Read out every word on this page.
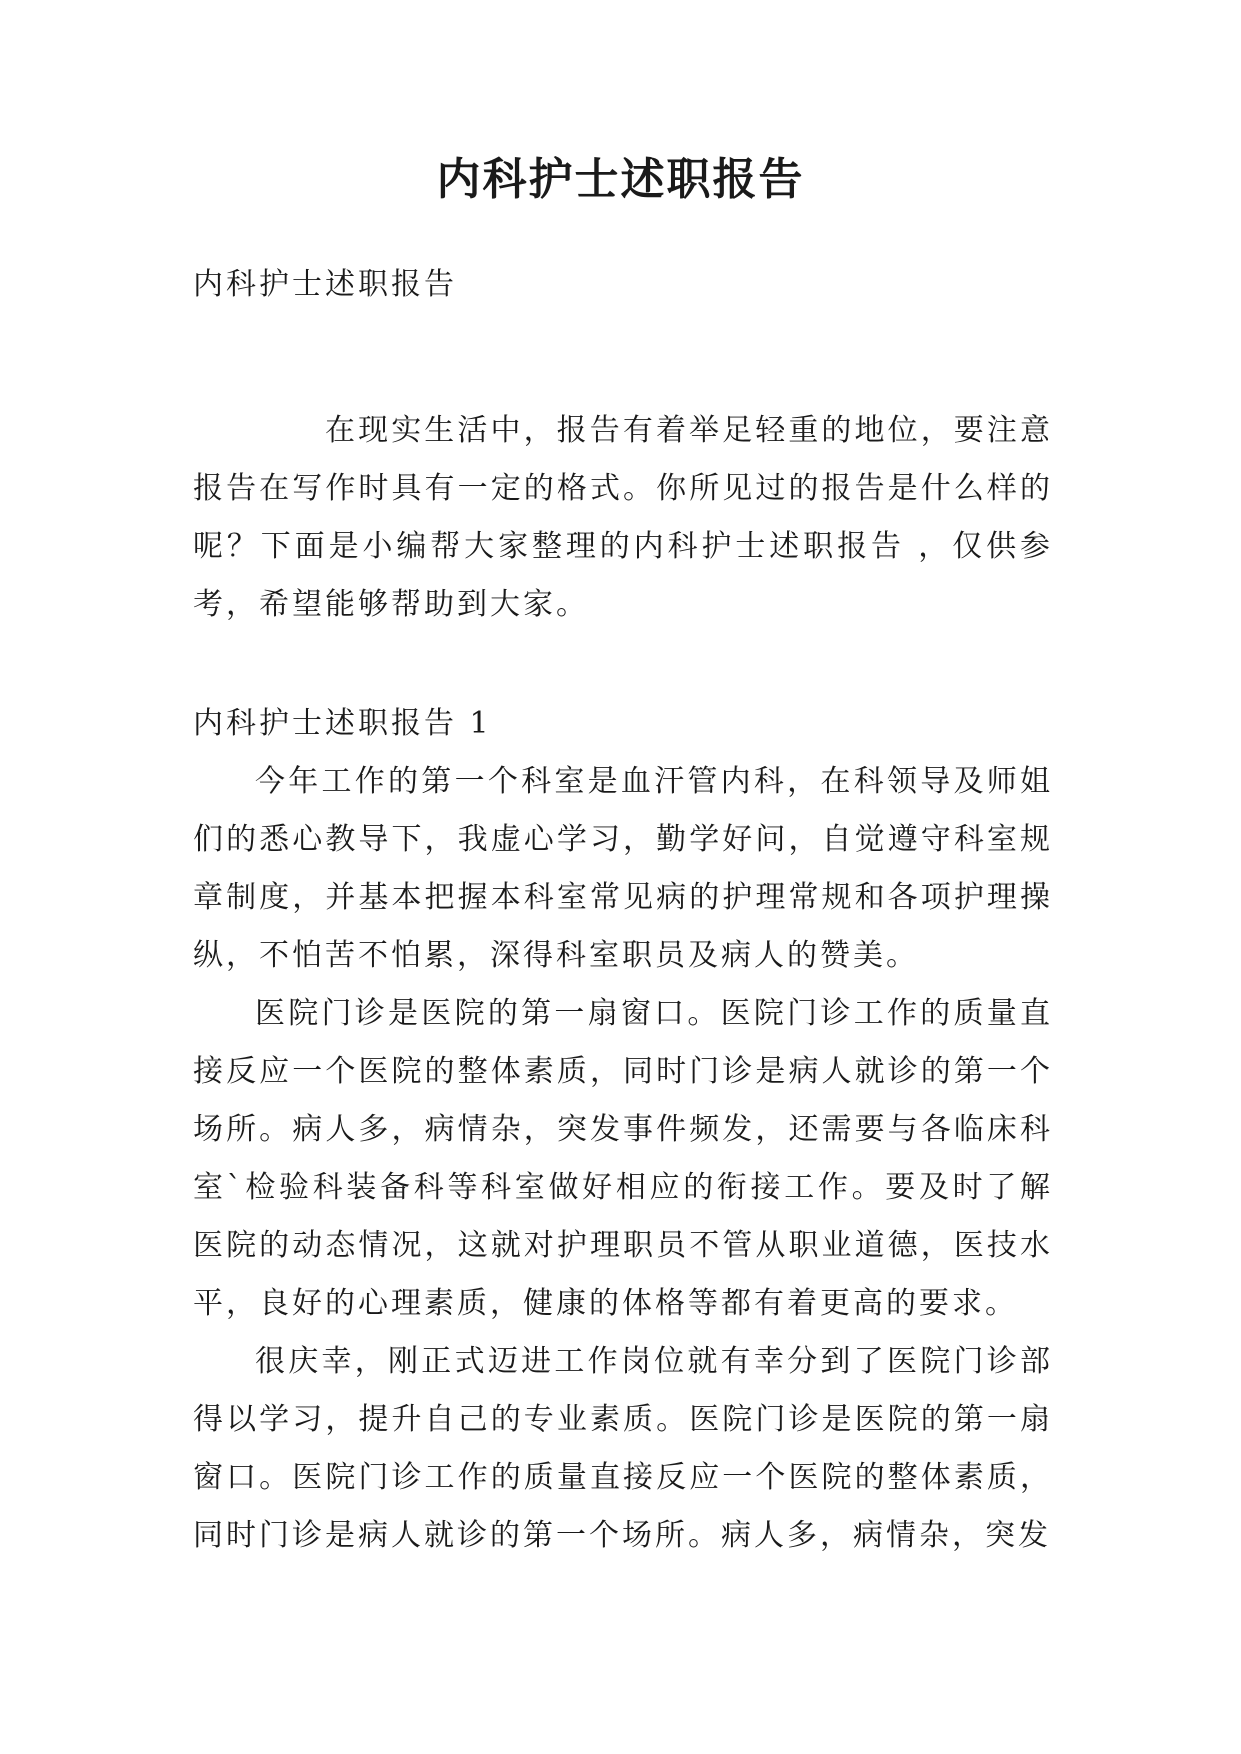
内科护士述职报告

内科护士述职报告

在现实生活中，报告有着举足轻重的地位，要注意报告在写作时具有一定的格式。你所见过的报告是什么样的呢？下面是小编帮大家整理的内科护士述职报告 ，仅供参考，希望能够帮助到大家。

内科护士述职报告 1

今年工作的第一个科室是血汗管内科，在科领导及师姐们的悉心教导下，我虚心学习，勤学好问，自觉遵守科室规章制度，并基本把握本科室常见病的护理常规和各项护理操纵，不怕苦不怕累，深得科室职员及病人的赞美。

医院门诊是医院的第一扇窗口。医院门诊工作的质量直接反应一个医院的整体素质，同时门诊是病人就诊的第一个场所。病人多，病情杂，突发事件频发，还需要与各临床科室`检验科装备科等科室做好相应的衔接工作。要及时了解医院的动态情况，这就对护理职员不管从职业道德，医技水平，良好的心理素质，健康的体格等都有着更高的要求。

很庆幸，刚正式迈进工作岗位就有幸分到了医院门诊部得以学习，提升自己的专业素质。医院门诊是医院的第一扇窗口。医院门诊工作的质量直接反应一个医院的整体素质，同时门诊是病人就诊的第一个场所。病人多，病情杂，突发
